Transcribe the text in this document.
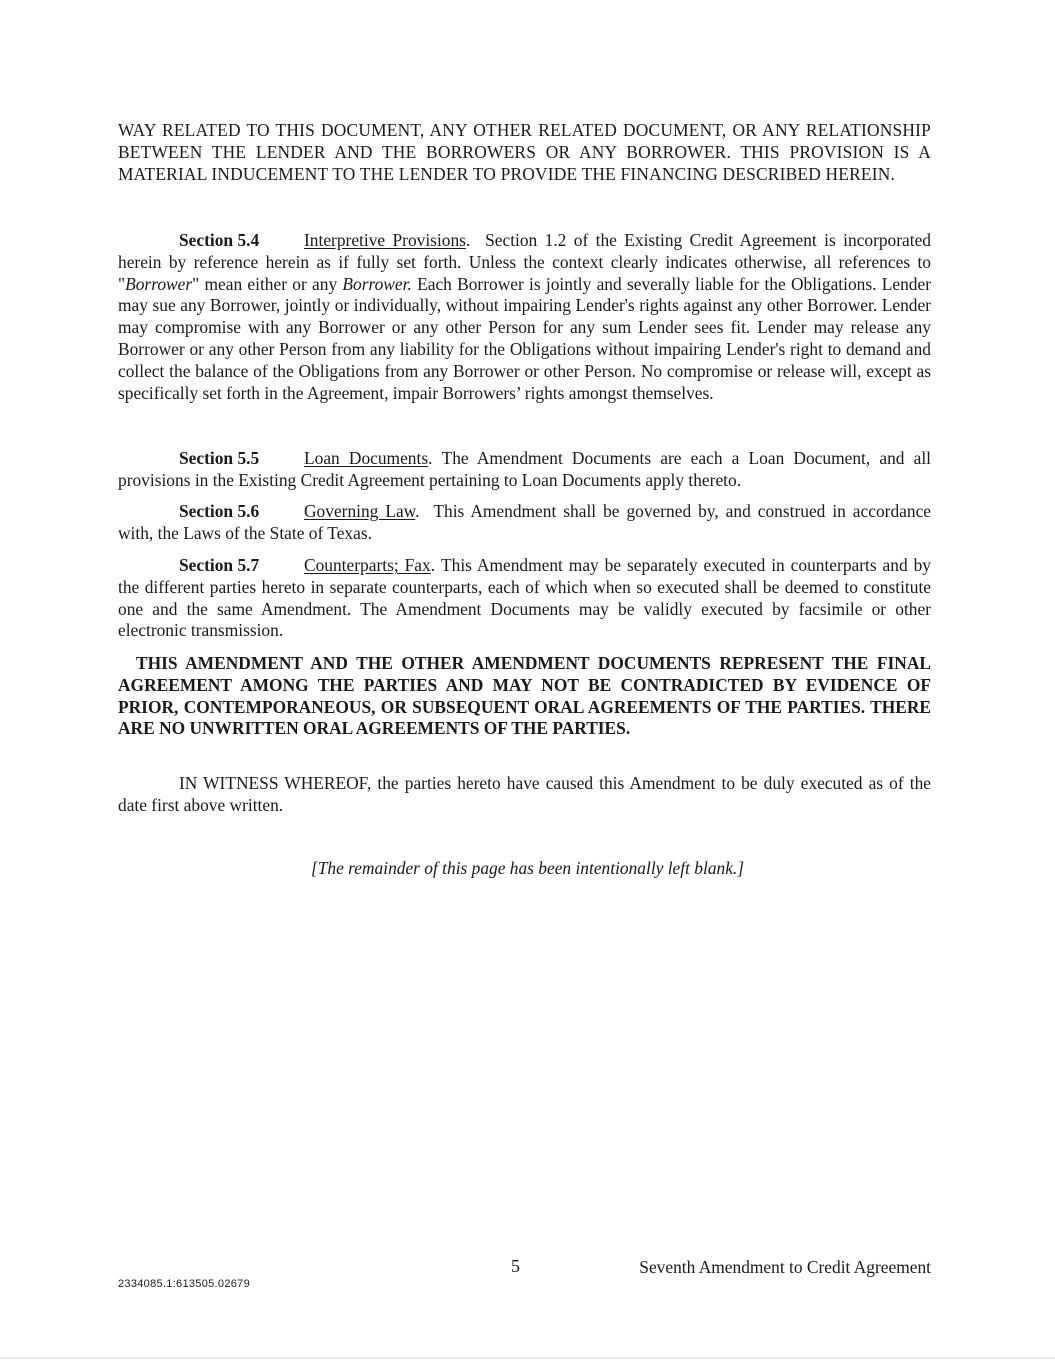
WAY RELATED TO THIS DOCUMENT, ANY OTHER RELATED DOCUMENT, OR ANY RELATIONSHIP BETWEEN THE LENDER AND THE BORROWERS OR ANY BORROWER. THIS PROVISION IS A MATERIAL INDUCEMENT TO THE LENDER TO PROVIDE THE FINANCING DESCRIBED HEREIN.

Section 5.4	Interpretive Provisions.  Section 1.2 of the Existing Credit Agreement is incorporated herein by reference herein as if fully set forth. Unless the context clearly indicates otherwise, all references to "Borrower" mean either or any Borrower. Each Borrower is jointly and severally liable for the Obligations. Lender may sue any Borrower, jointly or individually, without impairing Lender's rights against any other Borrower. Lender may compromise with any Borrower or any other Person for any sum Lender sees fit. Lender may release any Borrower or any other Person from any liability for the Obligations without impairing Lender's right to demand and collect the balance of the Obligations from any Borrower or other Person. No compromise or release will, except as specifically set forth in the Agreement, impair Borrowers’ rights amongst themselves.

Section 5.5	Loan Documents. The Amendment Documents are each a Loan Document, and all provisions in the Existing Credit Agreement pertaining to Loan Documents apply thereto.

Section 5.6	Governing Law.  This Amendment shall be governed by, and construed in accordance with, the Laws of the State of Texas.

Section 5.7	Counterparts; Fax. This Amendment may be separately executed in counterparts and by the different parties hereto in separate counterparts, each of which when so executed shall be deemed to constitute one and the same Amendment. The Amendment Documents may be validly executed by facsimile or other electronic transmission.

THIS AMENDMENT AND THE OTHER AMENDMENT DOCUMENTS REPRESENT THE FINAL AGREEMENT AMONG THE PARTIES AND MAY NOT BE CONTRADICTED BY EVIDENCE OF PRIOR, CONTEMPORANEOUS, OR SUBSEQUENT ORAL AGREEMENTS OF THE PARTIES. THERE ARE NO UNWRITTEN ORAL AGREEMENTS OF THE PARTIES.

IN WITNESS WHEREOF, the parties hereto have caused this Amendment to be duly executed as of the date first above written.

[The remainder of this page has been intentionally left blank.]
5	Seventh Amendment to Credit Agreement
2334085.1:613505.02679
